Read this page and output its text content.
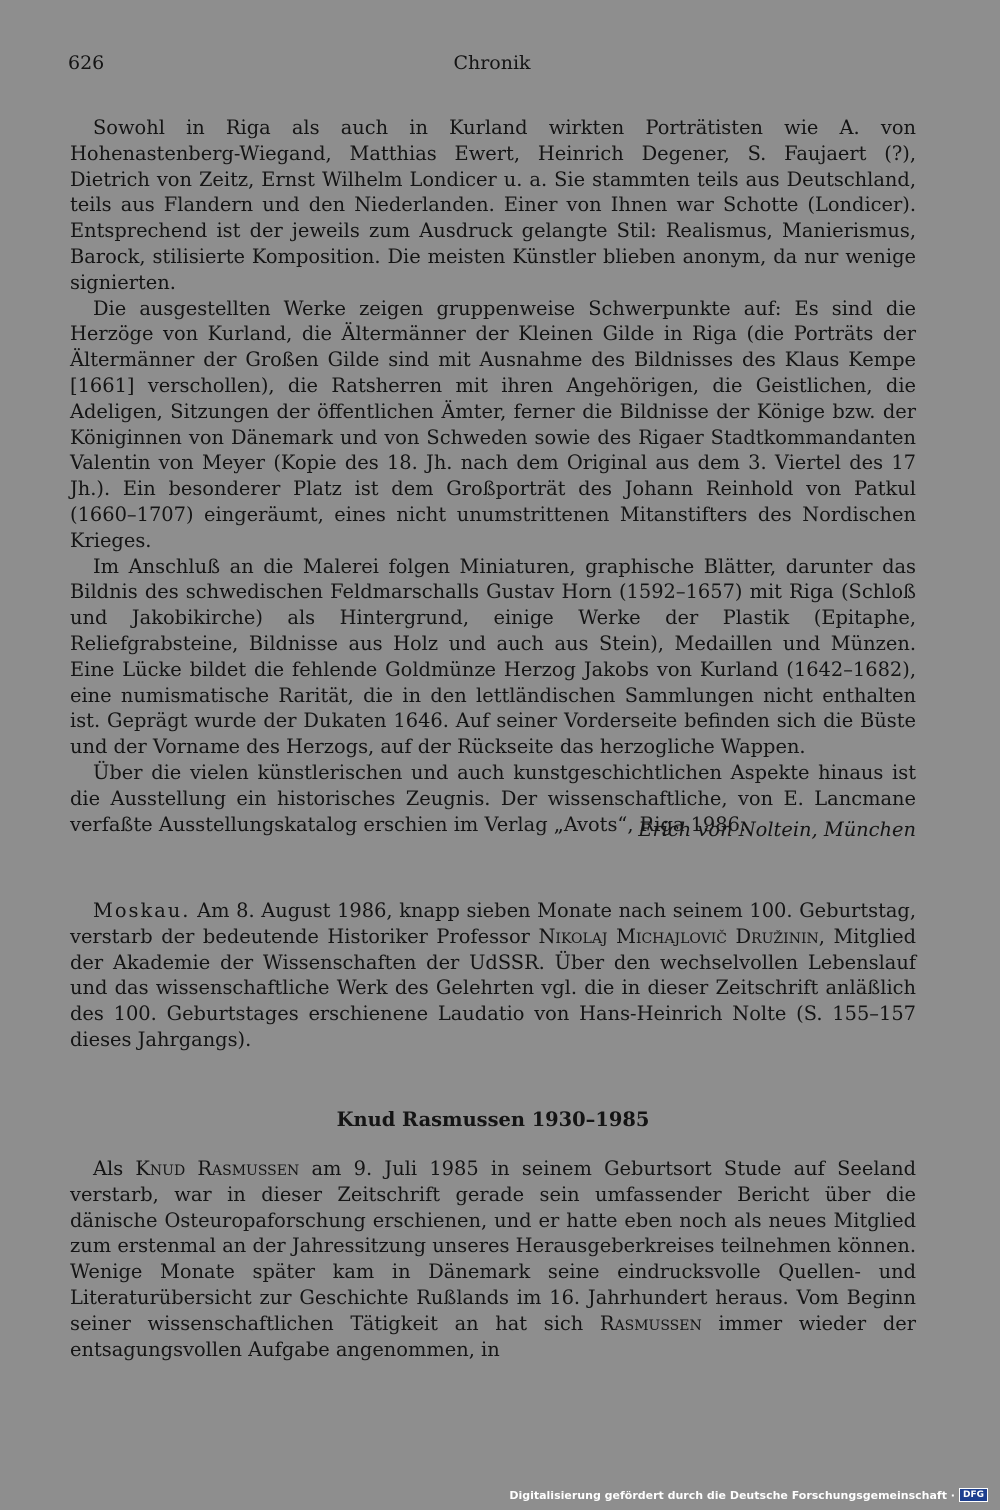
626	Chronik

Sowohl in Riga als auch in Kurland wirkten Porträtisten wie A. von Hohenastenberg-Wiegand, Matthias Ewert, Heinrich Degener, S. Faujaert (?), Dietrich von Zeitz, Ernst Wilhelm Londicer u. a. Sie stammten teils aus Deutschland, teils aus Flandern und den Niederlanden. Einer von Ihnen war Schotte (Londicer). Entsprechend ist der jeweils zum Ausdruck gelangte Stil: Realismus, Manierismus, Barock, stilisierte Komposition. Die meisten Künstler blieben anonym, da nur wenige signierten.

Die ausgestellten Werke zeigen gruppenweise Schwerpunkte auf: Es sind die Herzöge von Kurland, die Ältermänner der Kleinen Gilde in Riga (die Porträts der Ältermänner der Großen Gilde sind mit Ausnahme des Bildnisses des Klaus Kempe [1661] verschollen), die Ratsherren mit ihren Angehörigen, die Geistlichen, die Adeligen, Sitzungen der öffentlichen Ämter, ferner die Bildnisse der Könige bzw. der Königinnen von Dänemark und von Schweden sowie des Rigaer Stadtkommandanten Valentin von Meyer (Kopie des 18. Jh. nach dem Original aus dem 3. Viertel des 17 Jh.). Ein besonderer Platz ist dem Großporträt des Johann Reinhold von Patkul (1660–1707) eingeräumt, eines nicht unumstrittenen Mitanstifters des Nordischen Krieges.

Im Anschluß an die Malerei folgen Miniaturen, graphische Blätter, darunter das Bildnis des schwedischen Feldmarschalls Gustav Horn (1592–1657) mit Riga (Schloß und Jakobikirche) als Hintergrund, einige Werke der Plastik (Epitaphe, Reliefgrabsteine, Bildnisse aus Holz und auch aus Stein), Medaillen und Münzen. Eine Lücke bildet die fehlende Goldmünze Herzog Jakobs von Kurland (1642–1682), eine numismatische Rarität, die in den lettländischen Sammlungen nicht enthalten ist. Geprägt wurde der Dukaten 1646. Auf seiner Vorderseite befinden sich die Büste und der Vorname des Herzogs, auf der Rückseite das herzogliche Wappen.

Über die vielen künstlerischen und auch kunstgeschichtlichen Aspekte hinaus ist die Ausstellung ein historisches Zeugnis. Der wissenschaftliche, von E. Lancmane verfaßte Ausstellungskatalog erschien im Verlag „Avots“, Riga 1986.

Erich von Noltein, München

Moskau. Am 8. August 1986, knapp sieben Monate nach seinem 100. Geburtstag, verstarb der bedeutende Historiker Professor Nikolaj Michajlovič Družinin, Mitglied der Akademie der Wissenschaften der UdSSR. Über den wechselvollen Lebenslauf und das wissenschaftliche Werk des Gelehrten vgl. die in dieser Zeitschrift anläßlich des 100. Geburtstages erschienene Laudatio von Hans-Heinrich Nolte (S. 155–157 dieses Jahrgangs).

Knud Rasmussen 1930–1985

Als Knud Rasmussen am 9. Juli 1985 in seinem Geburtsort Stude auf Seeland verstarb, war in dieser Zeitschrift gerade sein umfassender Bericht über die dänische Osteuropaforschung erschienen, und er hatte eben noch als neues Mitglied zum erstenmal an der Jahressitzung unseres Herausgeberkreises teilnehmen können. Wenige Monate später kam in Dänemark seine eindrucksvolle Quellen- und Literaturübersicht zur Geschichte Rußlands im 16. Jahrhundert heraus. Vom Beginn seiner wissenschaftlichen Tätigkeit an hat sich Rasmussen immer wieder der entsagungsvollen Aufgabe angenommen, in

Digitalisierung gefördert durch die Deutsche Forschungsgemeinschaft · DFG
